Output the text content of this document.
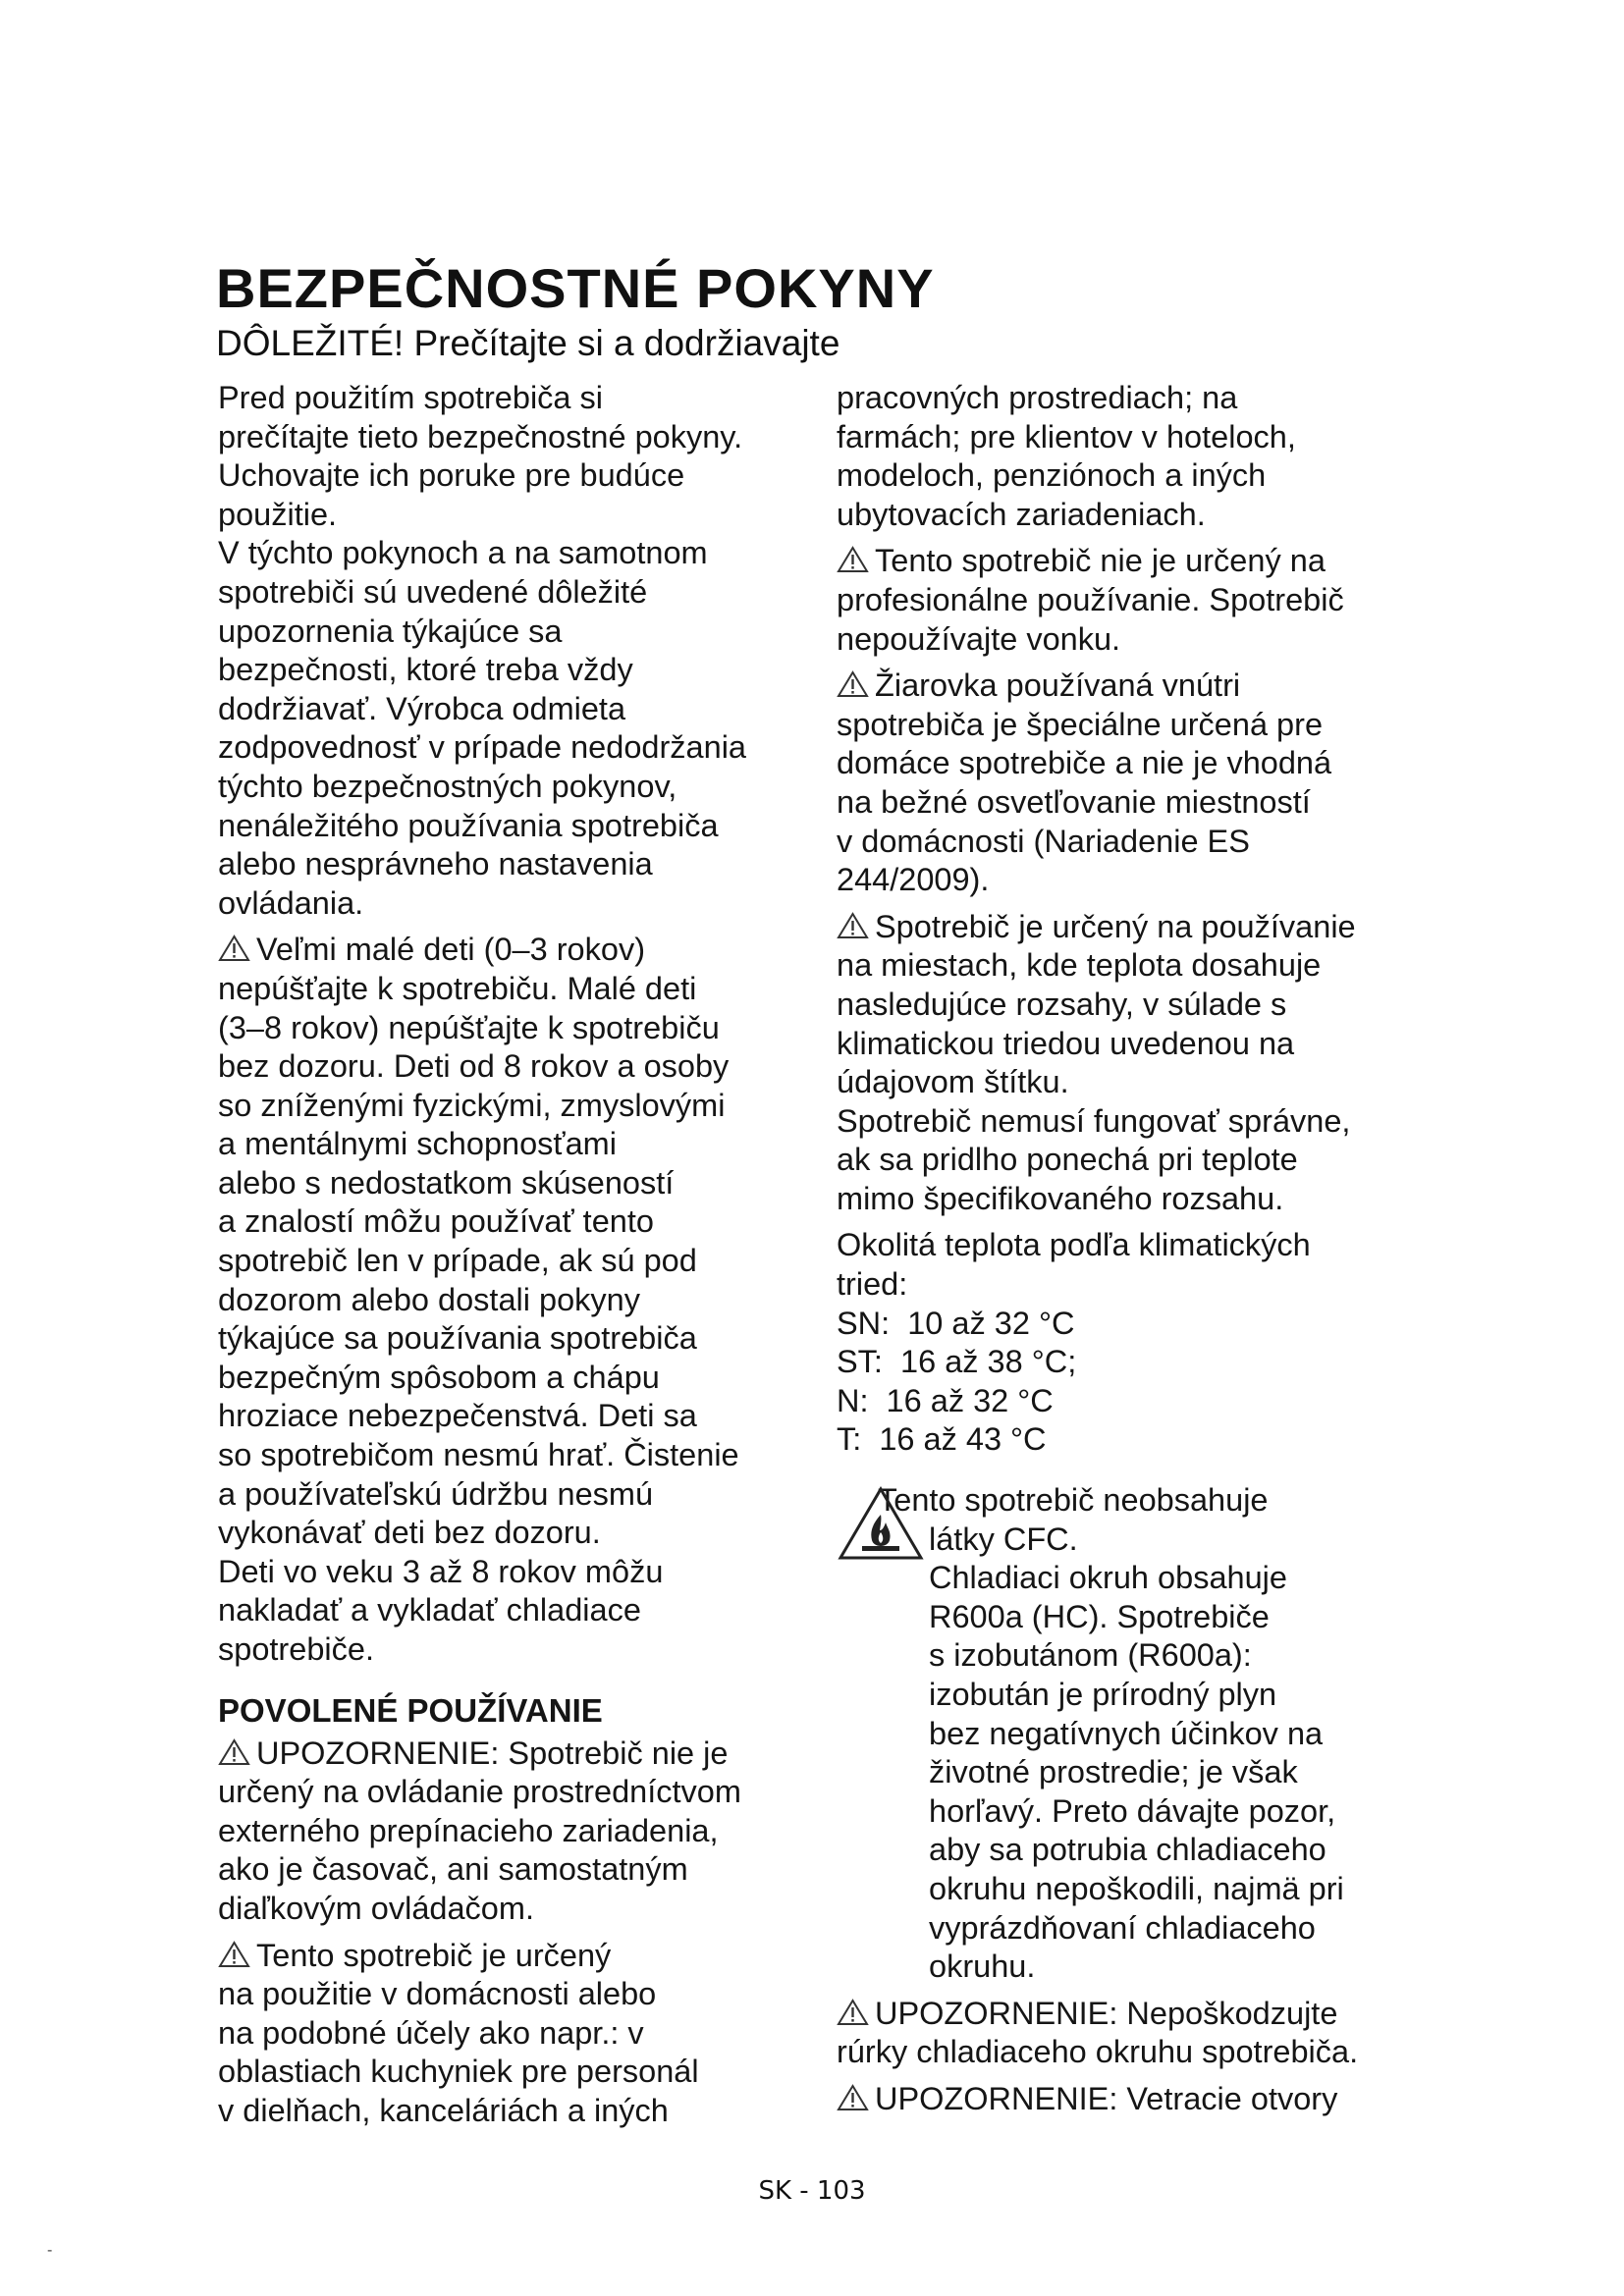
BEZPEČNOSTNÉ POKYNY
DÔLEŽITÉ! Prečítajte si a dodržiavajte
Pred použitím spotrebiča si
prečítajte tieto bezpečnostné pokyny.
Uchovajte ich poruke pre budúce
použitie.
V týchto pokynoch a na samotnom
spotrebiči sú uvedené dôležité
upozornenia týkajúce sa
bezpečnosti, ktoré treba vždy
dodržiavať. Výrobca odmieta
zodpovednosť v prípade nedodržania
týchto bezpečnostných pokynov,
nenáležitého používania spotrebiča
alebo nesprávneho nastavenia
ovládania.
Veľmi malé deti (0–3 rokov)
nepúšťajte k spotrebiču. Malé deti
(3–8 rokov) nepúšťajte k spotrebiču
bez dozoru. Deti od 8 rokov a osoby
so zníženými fyzickými, zmyslovými
a mentálnymi schopnosťami
alebo s nedostatkom skúseností
a znalostí môžu používať tento
spotrebič len v prípade, ak sú pod
dozorom alebo dostali pokyny
týkajúce sa používania spotrebiča
bezpečným spôsobom a chápu
hroziace nebezpečenstvá. Deti sa
so spotrebičom nesmú hrať. Čistenie
a používateľskú údržbu nesmú
vykonávať deti bez dozoru.
Deti vo veku 3 až 8 rokov môžu
nakladať a vykladať chladiace
spotrebiče.
POVOLENÉ POUŽÍVANIE
UPOZORNENIE: Spotrebič nie je
určený na ovládanie prostredníctvom
externého prepínacieho zariadenia,
ako je časovač, ani samostatným
diaľkovým ovládačom.
Tento spotrebič je určený
na použitie v domácnosti alebo
na podobné účely ako napr.: v
oblastiach kuchyniek pre personál
v dielňach, kanceláriách a iných
pracovných prostrediach; na
farmách; pre klientov v hoteloch,
modeloch, penziónoch a iných
ubytovacích zariadeniach.
Tento spotrebič nie je určený na
profesionálne používanie. Spotrebič
nepoužívajte vonku.
Žiarovka používaná vnútri
spotrebiča je špeciálne určená pre
domáce spotrebiče a nie je vhodná
na bežné osvetľovanie miestností
v domácnosti (Nariadenie ES
244/2009).
Spotrebič je určený na používanie
na miestach, kde teplota dosahuje
nasledujúce rozsahy, v súlade s
klimatickou triedou uvedenou na
údajovom štítku.
Spotrebič nemusí fungovať správne,
ak sa pridlho ponechá pri teplote
mimo špecifikovaného rozsahu.
Okolitá teplota podľa klimatických
tried:
SN:  10 až 32 °C
ST:  16 až 38 °C;
N:  16 až 32 °C
T:  16 až 43 °C
Tento spotrebič neobsahuje
látky CFC.
Chladiaci okruh obsahuje
R600a (HC). Spotrebiče
s izobutánom (R600a):
izobután je prírodný plyn
bez negatívnych účinkov na
životné prostredie; je však
horľavý. Preto dávajte pozor,
aby sa potrubia chladiaceho
okruhu nepoškodili, najmä pri
vyprázdňovaní chladiaceho
okruhu.
UPOZORNENIE: Nepoškodzujte
rúrky chladiaceho okruhu spotrebiča.
UPOZORNENIE: Vetracie otvory
SK - 103
-
